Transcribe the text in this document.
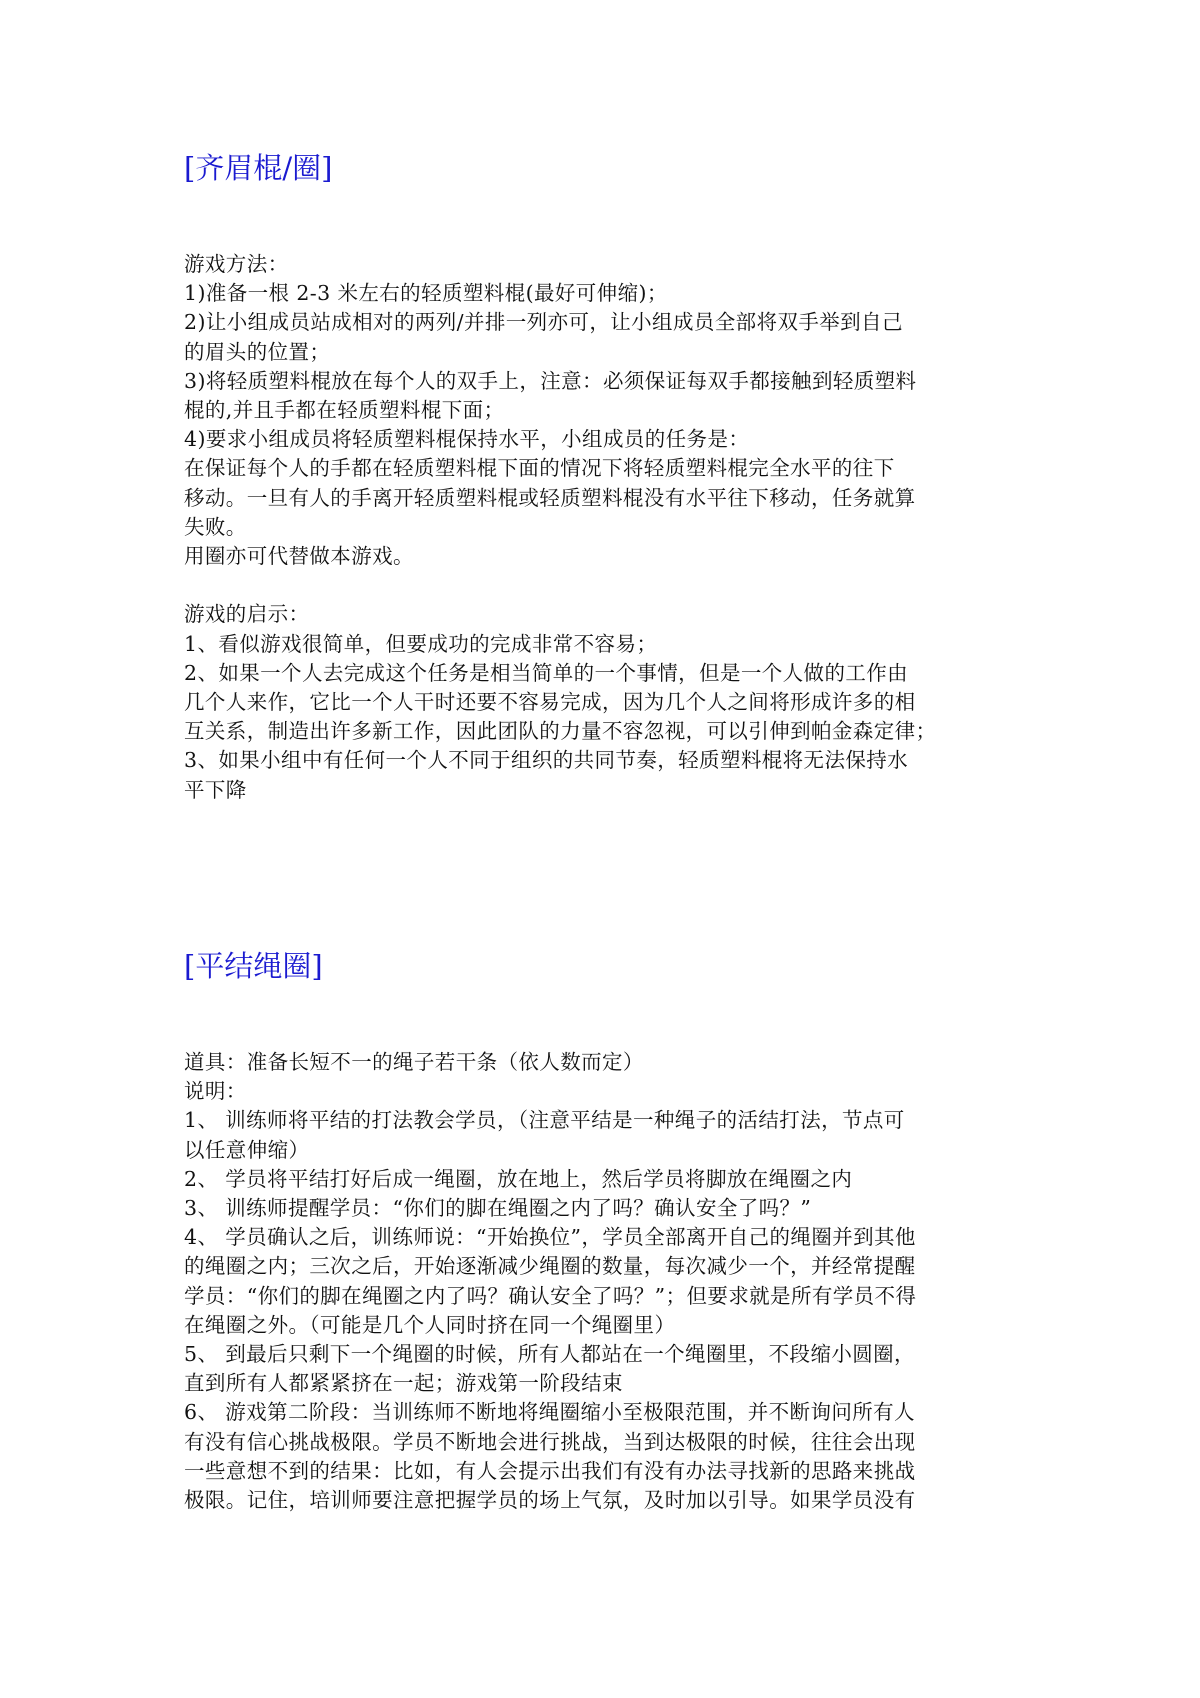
[齐眉棍/圈]
游戏方法：
1)准备一根 2-3 米左右的轻质塑料棍(最好可伸缩)；
2)让小组成员站成相对的两列/并排一列亦可，让小组成员全部将双手举到自己
的眉头的位置；
3)将轻质塑料棍放在每个人的双手上，注意：必须保证每双手都接触到轻质塑料
棍的,并且手都在轻质塑料棍下面；
4)要求小组成员将轻质塑料棍保持水平，小组成员的任务是：
在保证每个人的手都在轻质塑料棍下面的情况下将轻质塑料棍完全水平的往下
移动。一旦有人的手离开轻质塑料棍或轻质塑料棍没有水平往下移动，任务就算
失败。
用圈亦可代替做本游戏。

游戏的启示：
1、看似游戏很简单，但要成功的完成非常不容易；
2、如果一个人去完成这个任务是相当简单的一个事情，但是一个人做的工作由
几个人来作，它比一个人干时还要不容易完成，因为几个人之间将形成许多的相
互关系，制造出许多新工作，因此团队的力量不容忽视，可以引伸到帕金森定律；
3、如果小组中有任何一个人不同于组织的共同节奏，轻质塑料棍将无法保持水
平下降
[平结绳圈]
道具：准备长短不一的绳子若干条（依人数而定）
说明：
1、 训练师将平结的打法教会学员，（注意平结是一种绳子的活结打法，节点可
以任意伸缩）
2、 学员将平结打好后成一绳圈，放在地上，然后学员将脚放在绳圈之内
3、 训练师提醒学员：“你们的脚在绳圈之内了吗？确认安全了吗？”
4、 学员确认之后，训练师说：“开始换位”，学员全部离开自己的绳圈并到其他
的绳圈之内；三次之后，开始逐渐减少绳圈的数量，每次减少一个，并经常提醒
学员：“你们的脚在绳圈之内了吗？确认安全了吗？”；但要求就是所有学员不得
在绳圈之外。（可能是几个人同时挤在同一个绳圈里）
5、 到最后只剩下一个绳圈的时候，所有人都站在一个绳圈里，不段缩小圆圈，
直到所有人都紧紧挤在一起；游戏第一阶段结束
6、 游戏第二阶段：当训练师不断地将绳圈缩小至极限范围，并不断询问所有人
有没有信心挑战极限。学员不断地会进行挑战，当到达极限的时候，往往会出现
一些意想不到的结果：比如，有人会提示出我们有没有办法寻找新的思路来挑战
极限。记住，培训师要注意把握学员的场上气氛，及时加以引导。如果学员没有
